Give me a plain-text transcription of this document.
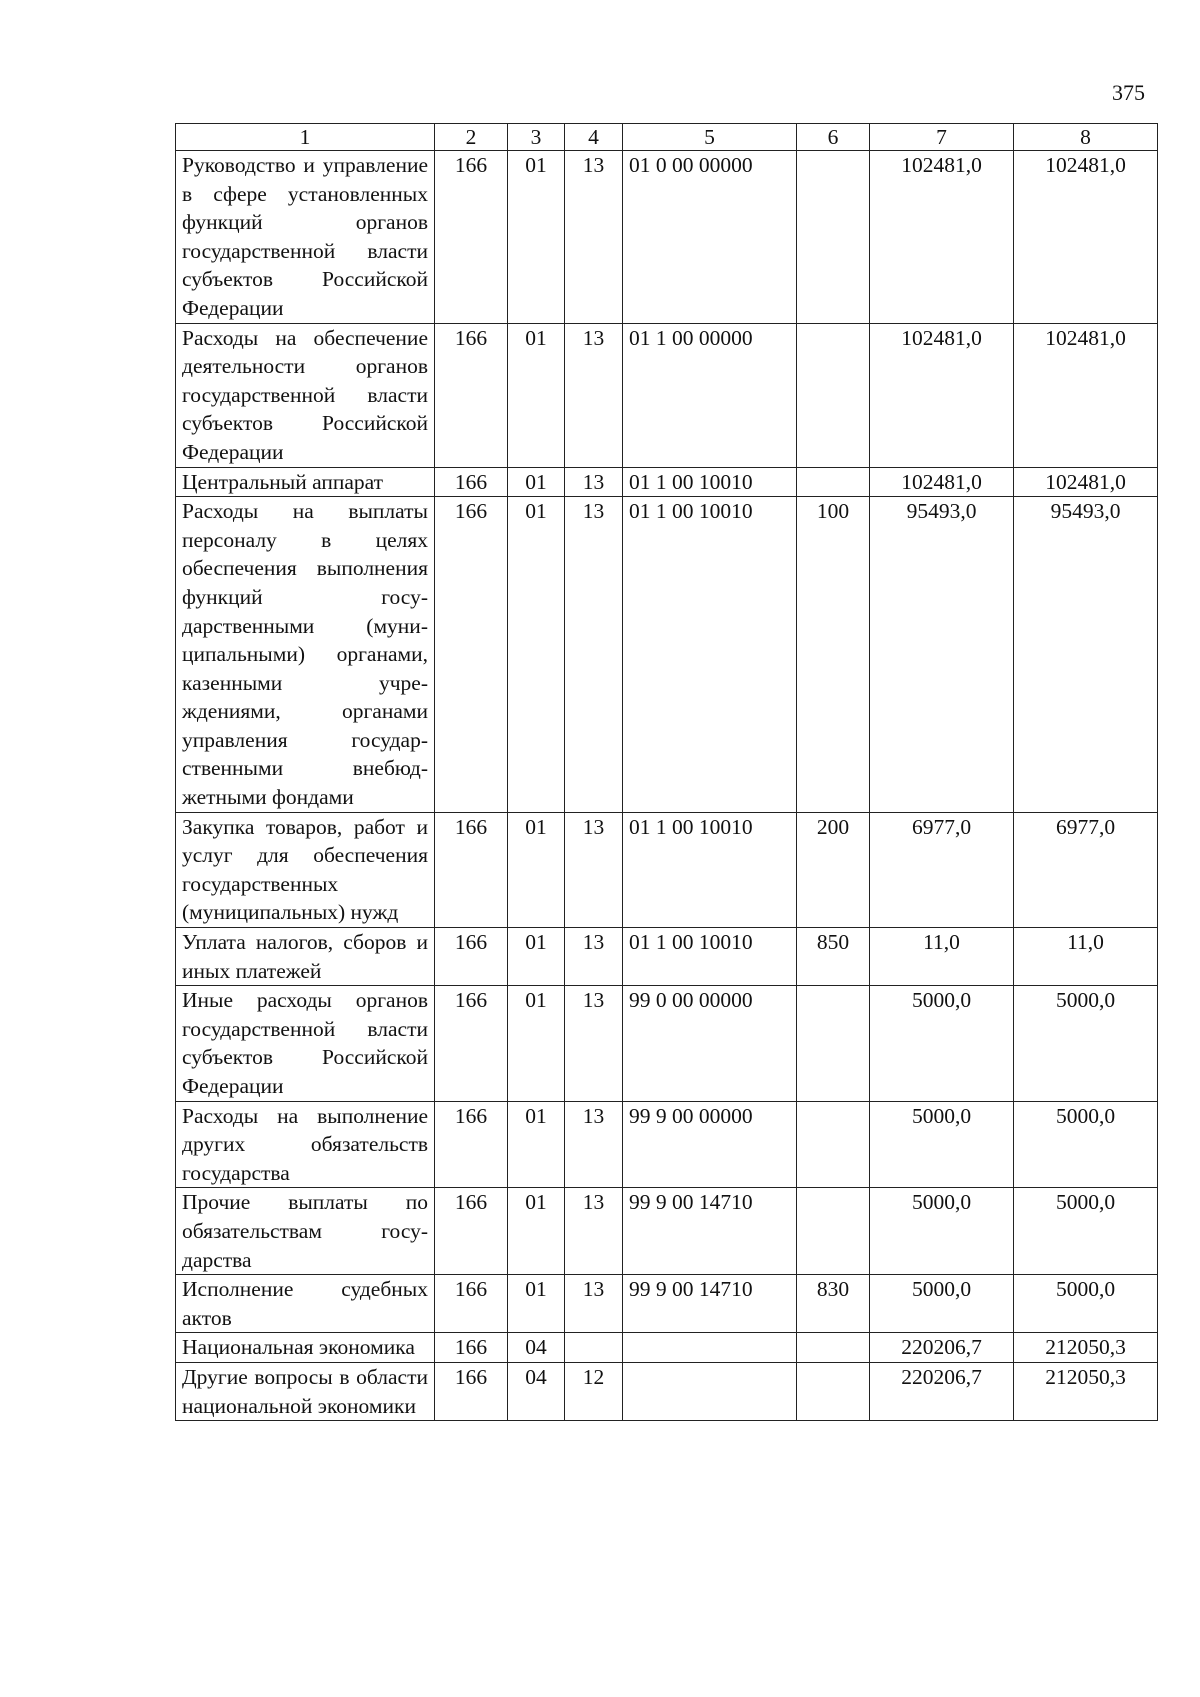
375
1	2	3	4	5	6	7	8
Руководство и управление в сфере установленных функций органов государственной власти субъектов Российской Федерации	166	01	13	01 0 00 00000		102481,0	102481,0
Расходы на обеспечение деятельности органов государственной власти субъектов Российской Федерации	166	01	13	01 1 00 00000		102481,0	102481,0
Центральный аппарат	166	01	13	01 1 00 10010		102481,0	102481,0
Расходы на выплаты персоналу в целях обеспечения выполнения функций государственными (муниципальными) органами, казенными учреждениями, органами управления государственными внебюджетными фондами	166	01	13	01 1 00 10010	100	95493,0	95493,0
Закупка товаров, работ и услуг для обеспечения государственных (муниципальных) нужд	166	01	13	01 1 00 10010	200	6977,0	6977,0
Уплата налогов, сборов и иных платежей	166	01	13	01 1 00 10010	850	11,0	11,0
Иные расходы органов государственной власти субъектов Российской Федерации	166	01	13	99 0 00 00000		5000,0	5000,0
Расходы на выполнение других обязательств государства	166	01	13	99 9 00 00000		5000,0	5000,0
Прочие выплаты по обязательствам государства	166	01	13	99 9 00 14710		5000,0	5000,0
Исполнение судебных актов	166	01	13	99 9 00 14710	830	5000,0	5000,0
Национальная экономика	166	04				220206,7	212050,3
Другие вопросы в области национальной экономики	166	04	12			220206,7	212050,3
